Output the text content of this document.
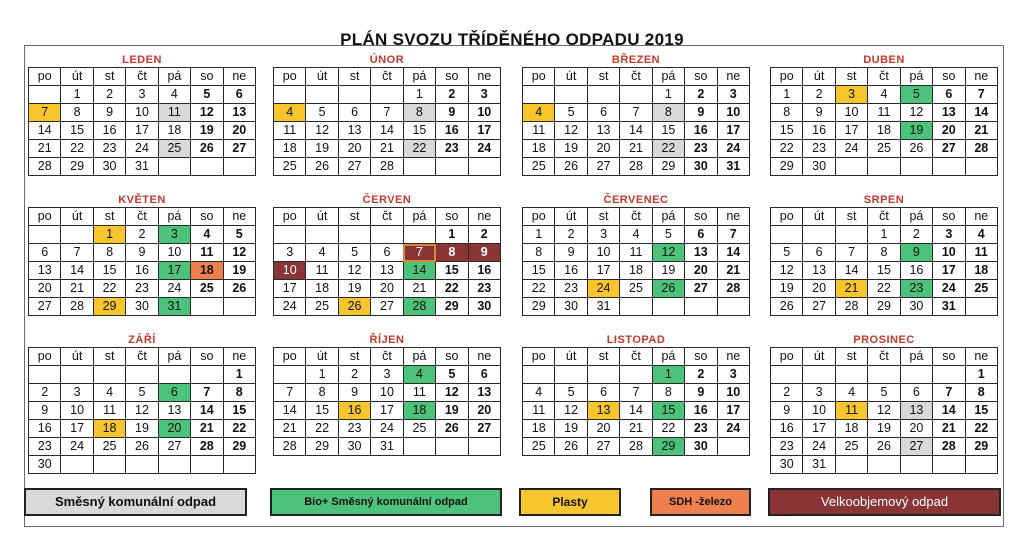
PLÁN SVOZU TŘÍDĚNÉHO ODPADU 2019
LEDEN
po	út	st	čt	pá	so	ne
	1	2	3	4	5	6
7	8	9	10	11	12	13
14	15	16	17	18	19	20
21	22	23	24	25	26	27
28	29	30	31			
ÚNOR
po	út	st	čt	pá	so	ne
				1	2	3
4	5	6	7	8	9	10
11	12	13	14	15	16	17
18	19	20	21	22	23	24
25	26	27	28			
BŘEZEN
po	út	st	čt	pá	so	ne
				1	2	3
4	5	6	7	8	9	10
11	12	13	14	15	16	17
18	19	20	21	22	23	24
25	26	27	28	29	30	31
DUBEN
po	út	st	čt	pá	so	ne
1	2	3	4	5	6	7
8	9	10	11	12	13	14
15	16	17	18	19	20	21
22	23	24	25	26	27	28
29	30					
KVĚTEN
po	út	st	čt	pá	so	ne
		1	2	3	4	5
6	7	8	9	10	11	12
13	14	15	16	17	18	19
20	21	22	23	24	25	26
27	28	29	30	31		
ČERVEN
po	út	st	čt	pá	so	ne
					1	2
3	4	5	6	7	8	9
10	11	12	13	14	15	16
17	18	19	20	21	22	23
24	25	26	27	28	29	30
ČERVENEC
po	út	st	čt	pá	so	ne
1	2	3	4	5	6	7
8	9	10	11	12	13	14
15	16	17	18	19	20	21
22	23	24	25	26	27	28
29	30	31				
SRPEN
po	út	st	čt	pá	so	ne
			1	2	3	4
5	6	7	8	9	10	11
12	13	14	15	16	17	18
19	20	21	22	23	24	25
26	27	28	29	30	31	
ZÁŘÍ
po	út	st	čt	pá	so	ne
						1
2	3	4	5	6	7	8
9	10	11	12	13	14	15
16	17	18	19	20	21	22
23	24	25	26	27	28	29
30						
ŘÍJEN
po	út	st	čt	pá	so	ne
	1	2	3	4	5	6
7	8	9	10	11	12	13
14	15	16	17	18	19	20
21	22	23	24	25	26	27
28	29	30	31			
LISTOPAD
po	út	st	čt	pá	so	ne
				1	2	3
4	5	6	7	8	9	10
11	12	13	14	15	16	17
18	19	20	21	22	23	24
25	26	27	28	29	30	
PROSINEC
po	út	st	čt	pá	so	ne
						1
2	3	4	5	6	7	8
9	10	11	12	13	14	15
16	17	18	19	20	21	22
23	24	25	26	27	28	29
30	31					
Směsný komunální odpad	Bio+ Směsný komunální odpad	Plasty	SDH -železo	Velkoobjemový odpad
